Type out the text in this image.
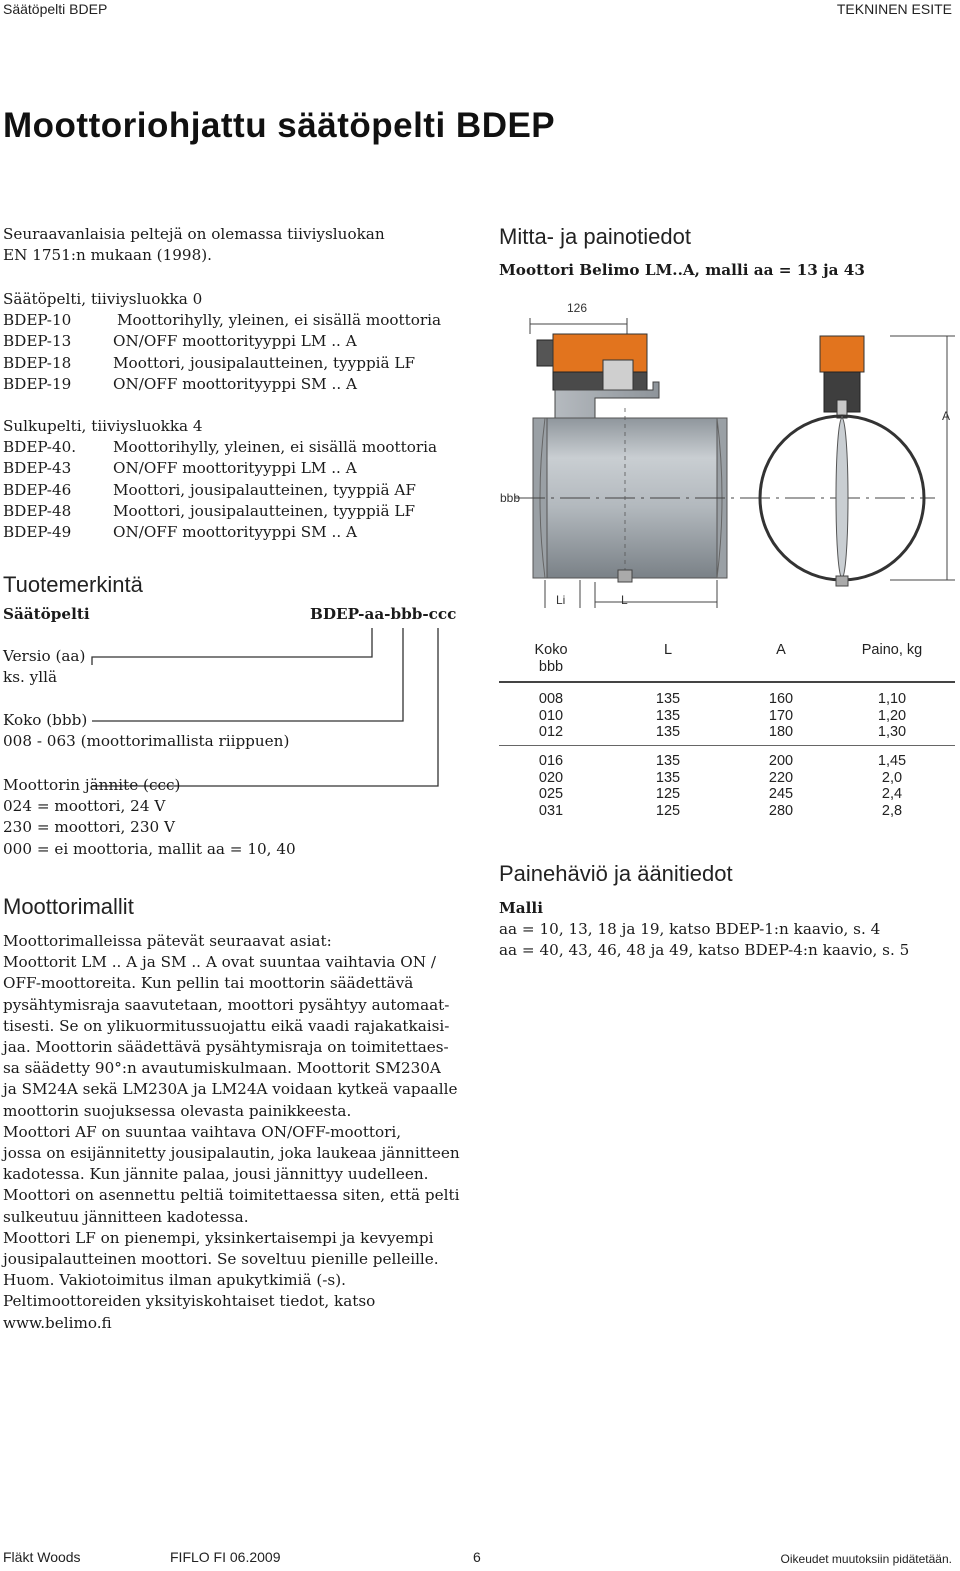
Säätöpelti BDEP	TEKNINEN ESITE
Moottoriohjattu säätöpelti BDEP
Seuraavanlaisia peltejä on olemassa tiiviysluokan
EN 1751:n mukaan (1998).
Säätöpelti, tiiviysluokka 0
BDEP-10	Moottorihylly, yleinen, ei sisällä moottoria
BDEP-13	ON/OFF moottorityyppi LM .. A
BDEP-18	Moottori, jousipalautteinen, tyyppiä LF
BDEP-19	ON/OFF moottorityyppi SM .. A
Sulkupelti, tiiviysluokka 4
BDEP-40.	Moottorihylly, yleinen, ei sisällä moottoria
BDEP-43	ON/OFF moottorityyppi LM .. A
BDEP-46	Moottori, jousipalautteinen, tyyppiä AF
BDEP-48	Moottori, jousipalautteinen, tyyppiä LF
BDEP-49	ON/OFF moottorityyppi SM .. A
Tuotemerkintä
Säätöpelti	BDEP-aa-bbb-ccc
Versio (aa)
ks. yllä
Koko (bbb)
008 - 063 (moottorimallista riippuen)
Moottorin jännite (ccc)
024 = moottori, 24 V
230 = moottori, 230 V
000 = ei moottoria, mallit aa = 10, 40
Moottorimallit
Moottorimalleissa pätevät seuraavat asiat:
Moottorit LM .. A ja SM .. A ovat suuntaa vaihtavia ON /
OFF-moottoreita. Kun pellin tai moottorin säädettävä
pysähtymisraja saavutetaan, moottori pysähtyy automaat-
tisesti. Se on ylikuormitussuojattu eikä vaadi rajakatkaisi-
jaa. Moottorin säädettävä pysähtymisraja on toimitettaes-
sa säädetty 90°:n avautumiskulmaan. Moottorit SM230A
ja SM24A sekä LM230A ja LM24A voidaan kytkeä vapaalle
moottorin suojuksessa olevasta painikkeesta.
Moottori AF on suuntaa vaihtava ON/OFF-moottori,
jossa on esijännitetty jousipalautin, joka laukeaa jännitteen
kadotessa. Kun jännite palaa, jousi jännittyy uudelleen.
Moottori on asennettu peltiä toimitettaessa siten, että pelti
sulkeutuu jännitteen kadotessa.
Moottori LF on pienempi, yksinkertaisempi ja kevyempi
jousipalautteinen moottori. Se soveltuu pienille pelleille.
Huom. Vakiotoimitus ilman apukytkimiä (-s).
Peltimoottoreiden yksityiskohtaiset tiedot, katso
www.belimo.fi
Mitta- ja painotiedot
Moottori Belimo LM..A, malli aa = 13 ja 43
126
Li	L
bbb
A
Koko
bbb	L	A	Paino, kg

008	135	160	1,10
010	135	170	1,20
012	135	180	1,30

016	135	200	1,45
020	135	220	2,0
025	125	245	2,4
031	125	280	2,8
Painehäviö ja äänitiedot
Malli
aa = 10, 13, 18 ja 19, katso BDEP-1:n kaavio, s. 4
aa = 40, 43, 46, 48 ja 49, katso BDEP-4:n kaavio, s. 5
Fläkt Woods	FIFLO FI 06.2009	6	Oikeudet muutoksiin pidätetään.
